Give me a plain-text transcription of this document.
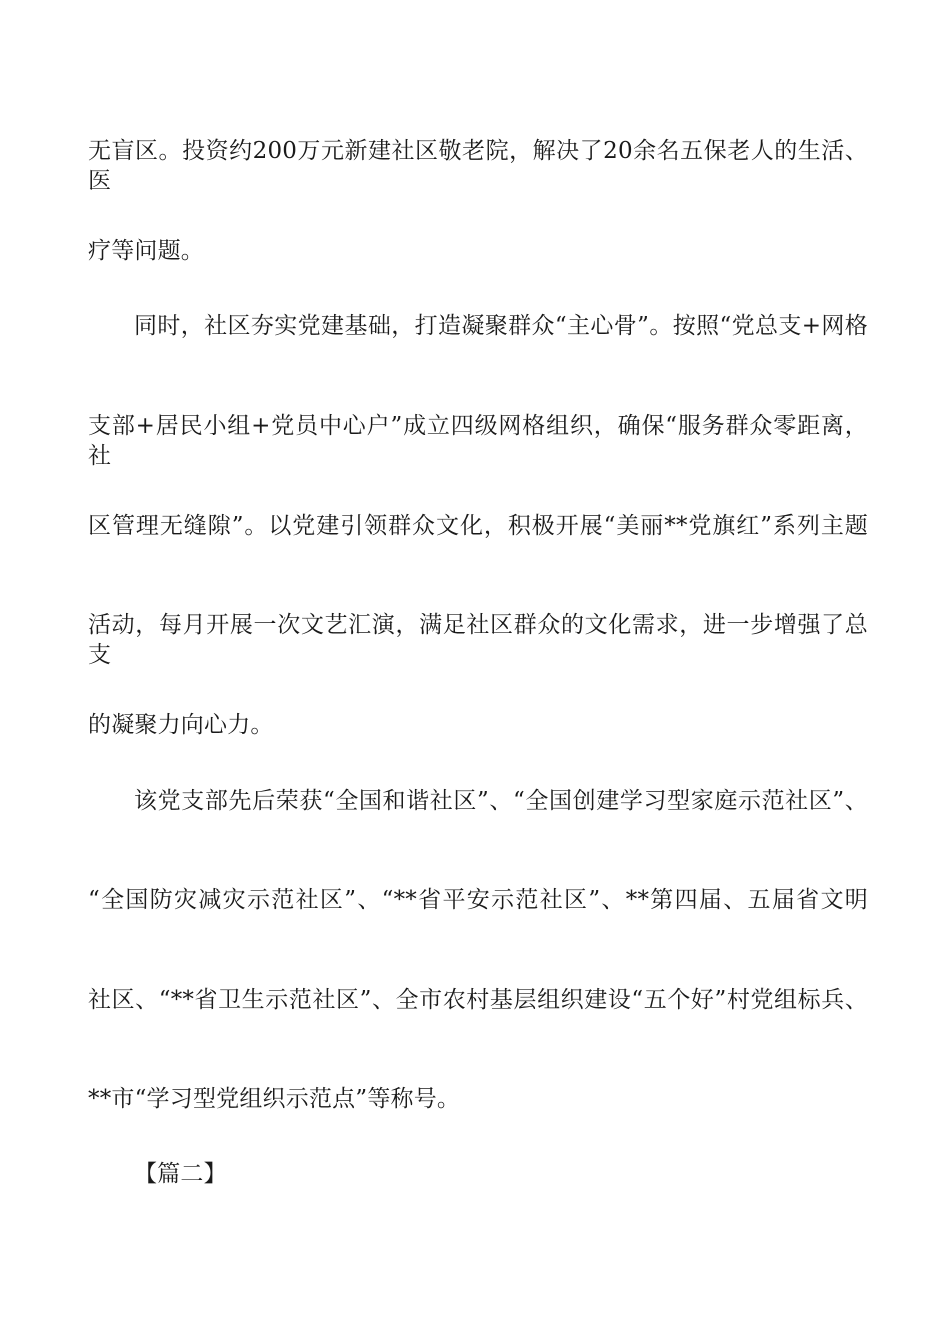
无盲区。投资约200万元新建社区敬老院，解决了20余名五保老人的生活、医
疗等问题。
同时，社区夯实党建基础，打造凝聚群众“主心骨”。按照“党总支+网格
支部+居民小组+党员中心户”成立四级网格组织，确保“服务群众零距离，社
区管理无缝隙”。以党建引领群众文化，积极开展“美丽**党旗红”系列主题
活动，每月开展一次文艺汇演，满足社区群众的文化需求，进一步增强了总支
的凝聚力向心力。
该党支部先后荣获“全国和谐社区”、“全国创建学习型家庭示范社区”、
“全国防灾减灾示范社区”、“**省平安示范社区”、**第四届、五届省文明
社区、“**省卫生示范社区”、全市农村基层组织建设“五个好”村党组标兵、
**市“学习型党组织示范点”等称号。
【篇二】
